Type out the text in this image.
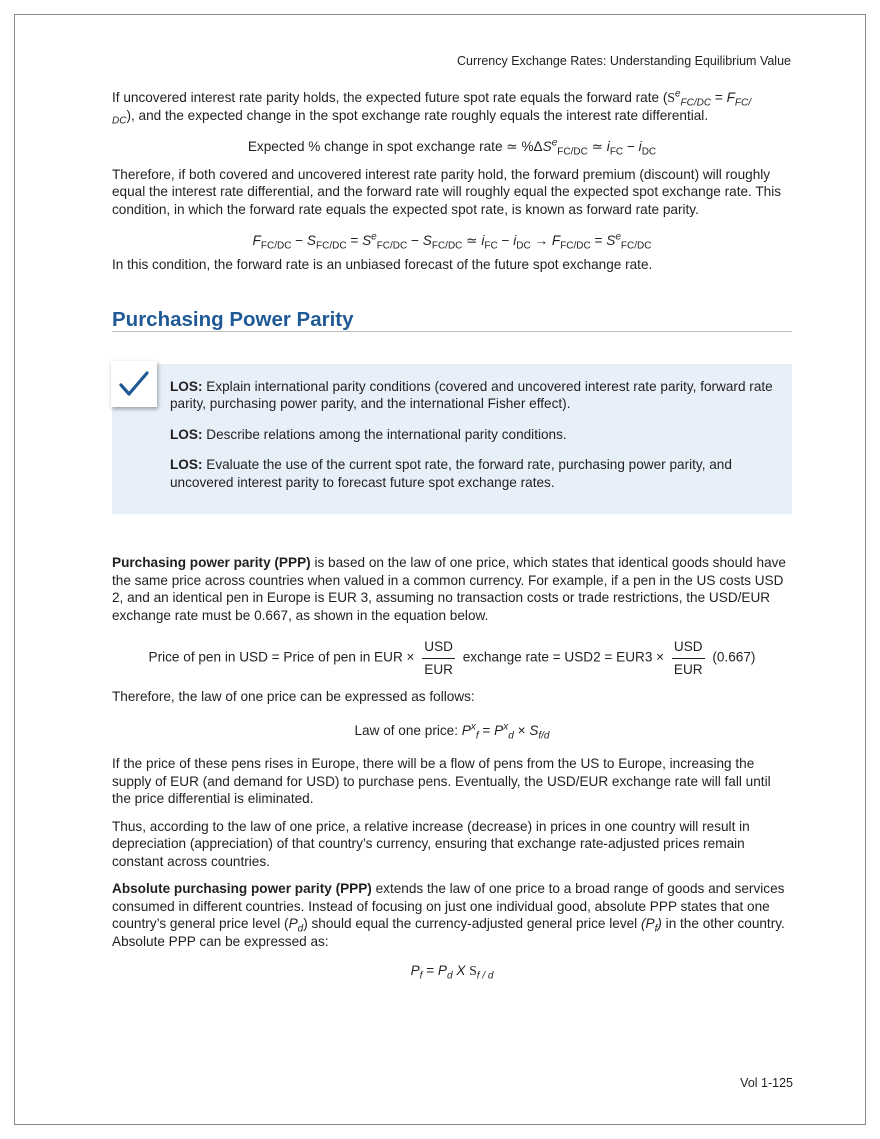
Currency Exchange Rates: Understanding Equilibrium Value

If uncovered interest rate parity holds, the expected future spot rate equals the forward rate ($S^e_{FC/DC} = F_{FC/}$
$_{DC}$), and the expected change in the spot exchange rate roughly equals the interest rate differential.

Expected % change in spot exchange rate ≃ $\%\Delta S^e_{FC/DC}$ ≃ $i_{FC} - i_{DC}$

Therefore, if both covered and uncovered interest rate parity hold, the forward premium (discount) will roughly equal the interest rate differential, and the forward rate will roughly equal the expected spot exchange rate. This condition, in which the forward rate equals the expected spot rate, is known as forward rate parity.

$F_{FC/DC} - S_{FC/DC} = S^e_{FC/DC} - S_{FC/DC}$ ≃ $i_{FC} - i_{DC} \to F_{FC/DC} = S^e_{FC/DC}$

In this condition, the forward rate is an unbiased forecast of the future spot exchange rate.

Purchasing Power Parity

LOS: Explain international parity conditions (covered and uncovered interest rate parity, forward rate parity, purchasing power parity, and the international Fisher effect).

LOS: Describe relations among the international parity conditions.

LOS: Evaluate the use of the current spot rate, the forward rate, purchasing power parity, and uncovered interest parity to forecast future spot exchange rates.

Purchasing power parity (PPP) is based on the law of one price, which states that identical goods should have the same price across countries when valued in a common currency. For example, if a pen in the US costs USD 2, and an identical pen in Europe is EUR 3, assuming no transaction costs or trade restrictions, the USD/EUR exchange rate must be 0.667, as shown in the equation below.

Price of pen in USD = Price of pen in EUR × $\frac{\text{USD}}{\text{EUR}}$ exchange rate = $USD2 = EUR3 \times \frac{\text{USD}}{\text{EUR}} (0.667)$

Therefore, the law of one price can be expressed as follows:

Law of one price: $P^x_f = P^x_d \times S_{f/d}$

If the price of these pens rises in Europe, there will be a flow of pens from the US to Europe, increasing the supply of EUR (and demand for USD) to purchase pens. Eventually, the USD/EUR exchange rate will fall until the price differential is eliminated.

Thus, according to the law of one price, a relative increase (decrease) in prices in one country will result in depreciation (appreciation) of that country’s currency, ensuring that exchange rate-adjusted prices remain constant across countries.

Absolute purchasing power parity (PPP) extends the law of one price to a broad range of goods and services consumed in different countries. Instead of focusing on just one individual good, absolute PPP states that one country’s general price level $(P_d)$ should equal the currency-adjusted general price level $(P_f)$ in the other country. Absolute PPP can be expressed as:

$P_f = P_d$ X $S_{f / d}$

Vol 1-125
